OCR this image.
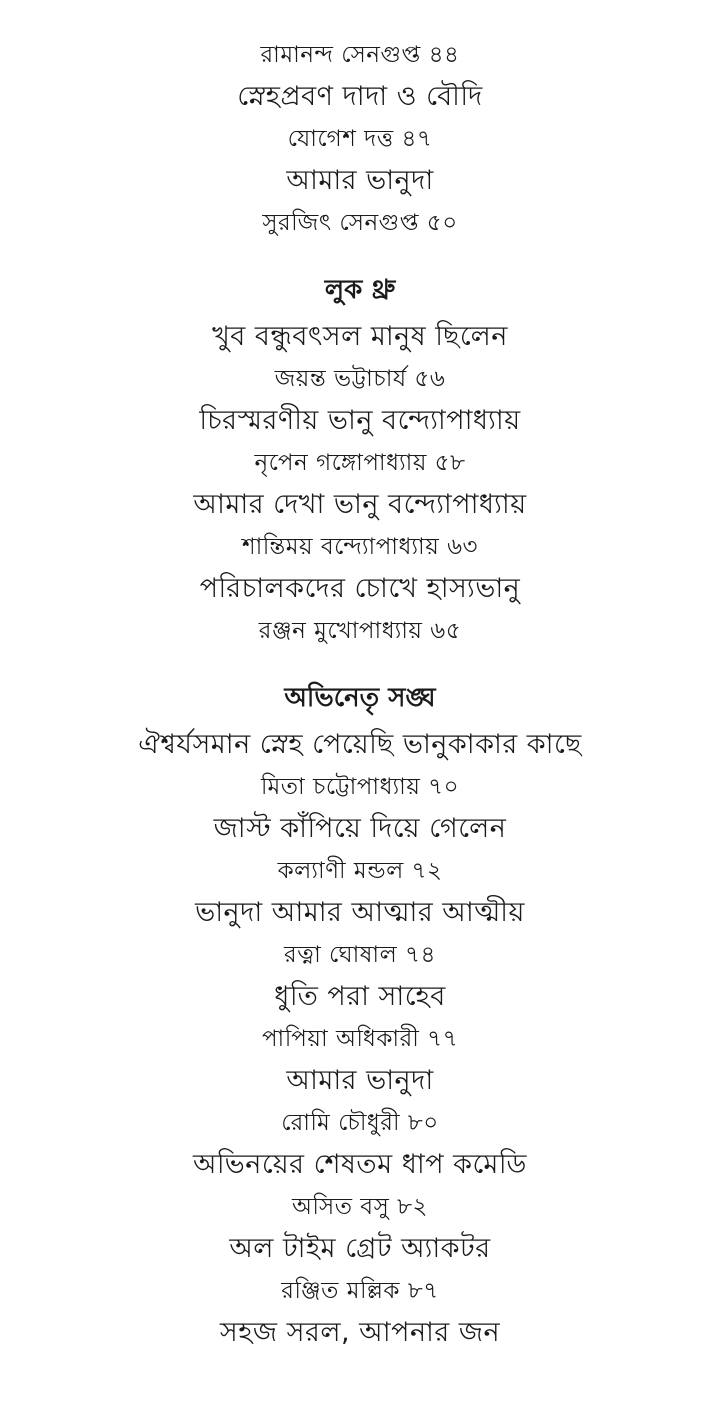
রামানন্দ সেনগুপ্ত ৪৪
স্নেহপ্রবণ দাদা ও বৌদি
যোগেশ দত্ত ৪৭
আমার ভানুদা
সুরজিৎ সেনগুপ্ত ৫০
লুক থ্রু
খুব বন্ধুবৎসল মানুষ ছিলেন
জয়ন্ত ভট্টাচার্য ৫৬
চিরস্মরণীয় ভানু বন্দ্যোপাধ্যায়
নৃপেন গঙ্গোপাধ্যায় ৫৮
আমার দেখা ভানু বন্দ্যোপাধ্যায়
শান্তিময় বন্দ্যোপাধ্যায় ৬৩
পরিচালকদের চোখে হাস্যভানু
রঞ্জন মুখোপাধ্যায় ৬৫
অভিনেতৃ সঙ্ঘ
ঐশ্বর্যসমান স্নেহ পেয়েছি ভানুকাকার কাছে
মিতা চট্টোপাধ্যায় ৭০
জাস্ট কাঁপিয়ে দিয়ে গেলেন
কল্যাণী মন্ডল ৭২
ভানুদা আমার আত্মার আত্মীয়
রত্না ঘোষাল ৭৪
ধুতি পরা সাহেব
পাপিয়া অধিকারী ৭৭
আমার ভানুদা
রোমি চৌধুরী ৮০
অভিনয়ের শেষতম ধাপ কমেডি
অসিত বসু ৮২
অল টাইম গ্রেট অ্যাকটর
রঞ্জিত মল্লিক ৮৭
সহজ সরল, আপনার জন
